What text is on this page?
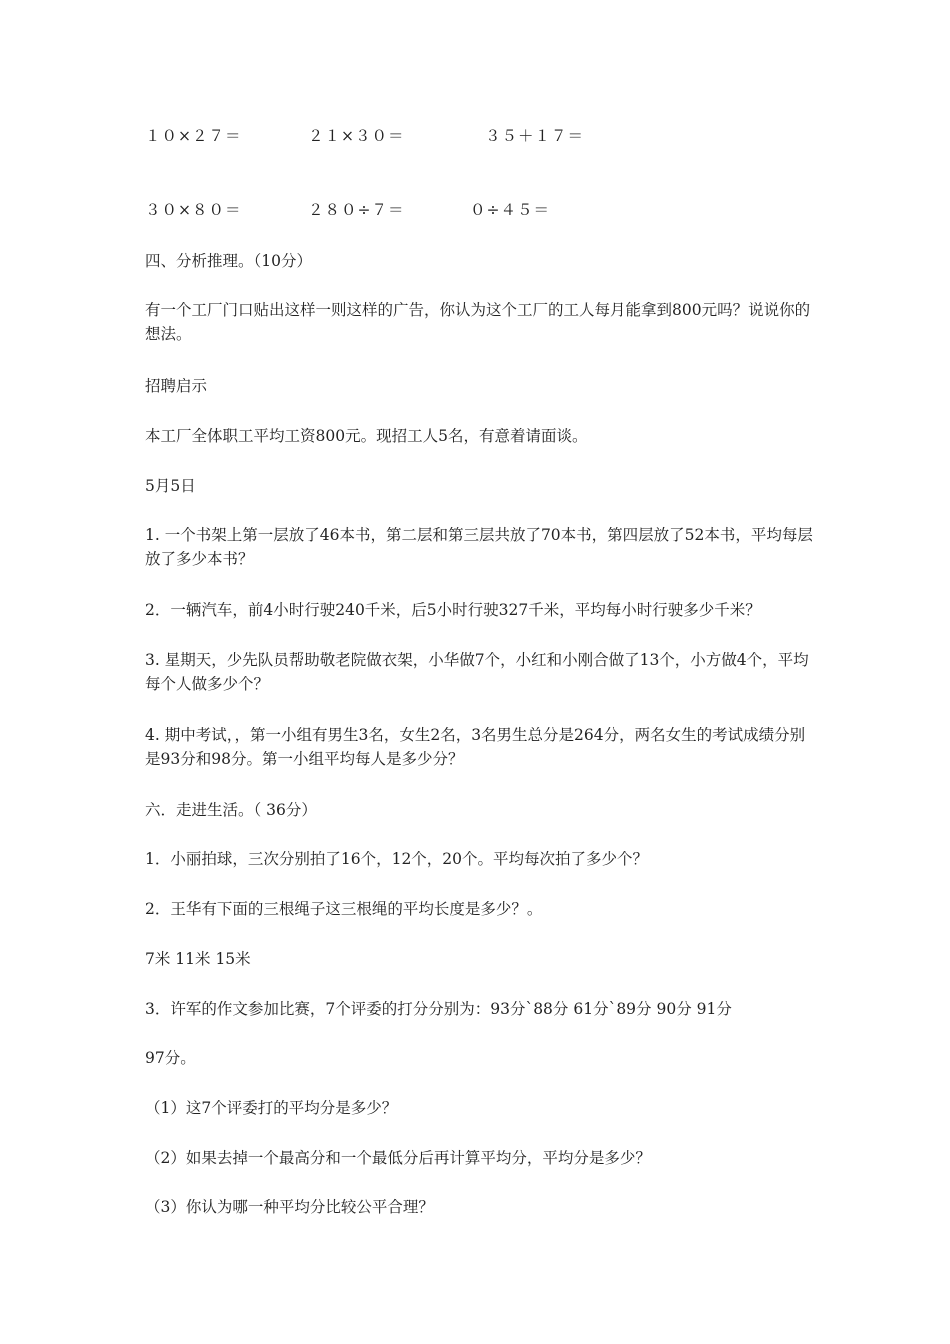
１０×２７＝	２１×３０＝	３５＋１７＝
３０×８０＝	２８０÷７＝	０÷４５＝
四、分析推理。（10分）
有一个工厂门口贴出这样一则这样的广告，你认为这个工厂的工人每月能拿到800元吗？说说你的想法。
招聘启示
本工厂全体职工平均工资800元。现招工人5名，有意着请面谈。
5月5日
1. 一个书架上第一层放了46本书，第二层和第三层共放了70本书，第四层放了52本书，平均每层放了多少本书？
2．一辆汽车，前4小时行驶240千米，后5小时行驶327千米，平均每小时行驶多少千米？
3. 星期天，少先队员帮助敬老院做衣架，小华做7个，小红和小刚合做了13个，小方做4个，平均每个人做多少个？
4. 期中考试，，第一小组有男生3名，女生2名，3名男生总分是264分，两名女生的考试成绩分别是93分和98分。第一小组平均每人是多少分？
六．走进生活。（ 36分）
1．小丽拍球，三次分别拍了16个，12个，20个。平均每次拍了多少个？
2．王华有下面的三根绳子这三根绳的平均长度是多少？。
7米 11米 15米
3．许军的作文参加比赛，7个评委的打分分别为：93分`88分 61分`89分 90分 91分
97分。
（1）这7个评委打的平均分是多少？
（2）如果去掉一个最高分和一个最低分后再计算平均分，平均分是多少？
（3）你认为哪一种平均分比较公平合理？
